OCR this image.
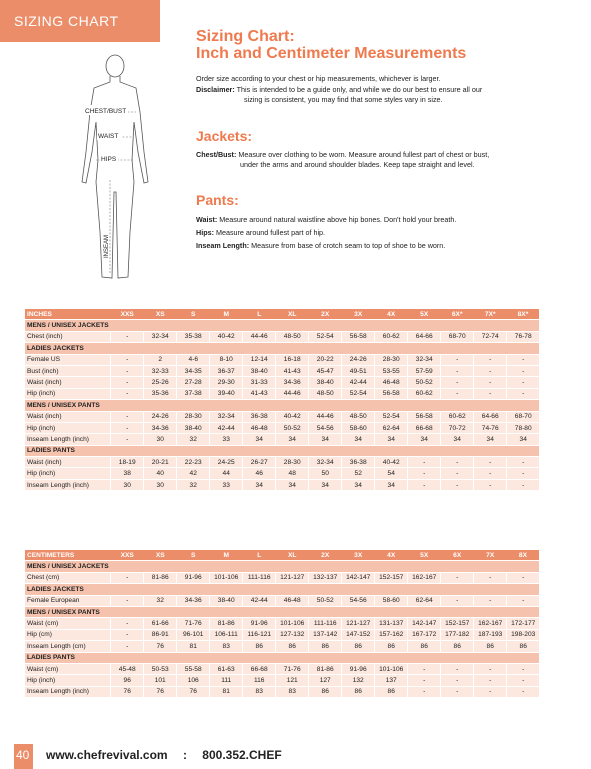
SIZING CHART
CHEST/BUST
WAIST
HIPS
INSEAM
Sizing Chart:
Inch and Centimeter Measurements
Order size according to your chest or hip measurements, whichever is larger.
Disclaimer: This is intended to be a guide only, and while we do our best to ensure all our
sizing is consistent, you may find that some styles vary in size.
Jackets:
Chest/Bust: Measure over clothing to be worn. Measure around fullest part of chest or bust,
under the arms and around shoulder blades. Keep tape straight and level.
Pants:
Waist: Measure around natural waistline above hip bones. Don't hold your breath.
Hips: Measure around fullest part of hip.
Inseam Length: Measure from base of crotch seam to top of shoe to be worn.
INCHES	XXS	XS	S	M	L	XL	2X	3X	4X	5X	6X*	7X*	8X*
MENS / UNISEX JACKETS													
Chest (inch)	-	32-34	35-38	40-42	44-46	48-50	52-54	56-58	60-62	64-66	68-70	72-74	76-78
LADIES JACKETS													
Female US	-	2	4-6	8-10	12-14	16-18	20-22	24-26	28-30	32-34	-	-	-
Bust (inch)	-	32-33	34-35	36-37	38-40	41-43	45-47	49-51	53-55	57-59	-	-	-
Waist (inch)	-	25-26	27-28	29-30	31-33	34-36	38-40	42-44	46-48	50-52	-	-	-
Hip (inch)	-	35-36	37-38	39-40	41-43	44-46	48-50	52-54	56-58	60-62	-	-	-
MENS / UNISEX PANTS													
Waist (inch)	-	24-26	28-30	32-34	36-38	40-42	44-46	48-50	52-54	56-58	60-62	64-66	68-70
Hip (inch)	-	34-36	38-40	42-44	46-48	50-52	54-56	58-60	62-64	66-68	70-72	74-76	78-80
Inseam Length (inch)	-	30	32	33	34	34	34	34	34	34	34	34	34
LADIES PANTS													
Waist (inch)	18-19	20-21	22-23	24-25	26-27	28-30	32-34	36-38	40-42	-	-	-	-
Hip (inch)	38	40	42	44	46	48	50	52	54	-	-	-	-
Inseam Length (inch)	30	30	32	33	34	34	34	34	34	-	-	-	-
CENTIMETERS	XXS	XS	S	M	L	XL	2X	3X	4X	5X	6X	7X	8X
MENS / UNISEX JACKETS													
Chest (cm)	-	81-86	91-96	101-106	111-116	121-127	132-137	142-147	152-157	162-167	-	-	-
LADIES JACKETS													
Female European	-	32	34-36	38-40	42-44	46-48	50-52	54-56	58-60	62-64	-	-	-
MENS / UNISEX PANTS													
Waist (cm)	-	61-66	71-76	81-86	91-96	101-106	111-116	121-127	131-137	142-147	152-157	162-167	172-177
Hip (cm)	-	86-91	96-101	106-111	116-121	127-132	137-142	147-152	157-162	167-172	177-182	187-193	198-203
Inseam Length (cm)	-	76	81	83	86	86	86	86	86	86	86	86	86
LADIES PANTS													
Waist (cm)	45-48	50-53	55-58	61-63	66-68	71-76	81-86	91-96	101-106	-	-	-	-
Hip (inch)	96	101	106	111	116	121	127	132	137	-	-	-	-
Inseam Length (inch)	76	76	76	81	83	83	86	86	86	-	-	-	-
40 www.chefrevival.com : 800.352.CHEF
